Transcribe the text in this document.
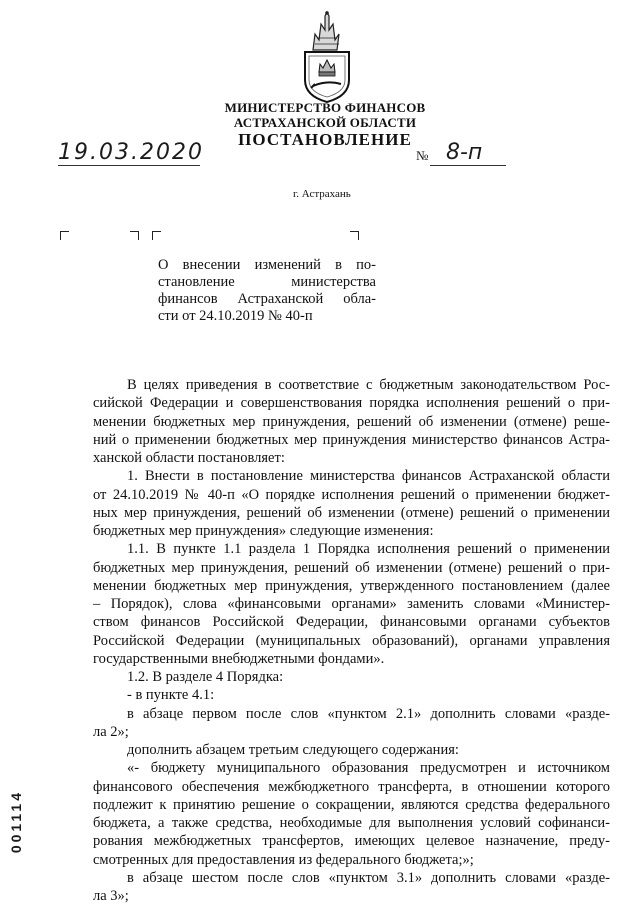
МИНИСТЕРСТВО ФИНАНСОВ
АСТРАХАНСКОЙ ОБЛАСТИ
ПОСТАНОВЛЕНИЕ
19.03.2020	№ 8-п
г. Астрахань
О внесении изменений в по-
становление министерства
финансов Астраханской обла-
сти от 24.10.2019 № 40-п
В целях приведения в соответствие с бюджетным законодательством Рос-
сийской Федерации и совершенствования порядка исполнения решений о при-
менении бюджетных мер принуждения, решений об изменении (отмене) реше-
ний о применении бюджетных мер принуждения министерство финансов Астра-
ханской области постановляет:
1. Внести в постановление министерства финансов Астраханской области
от 24.10.2019 № 40-п «О порядке исполнения решений о применении бюджет-
ных мер принуждения, решений об изменении (отмене) решений о применении
бюджетных мер принуждения» следующие изменения:
1.1. В пункте 1.1 раздела 1 Порядка исполнения решений о применении
бюджетных мер принуждения, решений об изменении (отмене) решений о при-
менении бюджетных мер принуждения, утвержденного постановлением (далее
– Порядок), слова «финансовыми органами» заменить словами «Министер-
ством финансов Российской Федерации, финансовыми органами субъектов
Российской Федерации (муниципальных образований), органами управления
государственными внебюджетными фондами».
1.2. В разделе 4 Порядка:
- в пункте 4.1:
в абзаце первом после слов «пунктом 2.1» дополнить словами «разде-
ла 2»;
дополнить абзацем третьим следующего содержания:
«- бюджету муниципального образования предусмотрен и источником
финансового обеспечения межбюджетного трансферта, в отношении которого
подлежит к принятию решение о сокращении, являются средства федерального
бюджета, а также средства, необходимые для выполнения условий софинанси-
рования межбюджетных трансфертов, имеющих целевое назначение, преду-
смотренных для предоставления из федерального бюджета;»;
в абзаце шестом после слов «пунктом 3.1» дополнить словами «разде-
ла 3»;
001114
